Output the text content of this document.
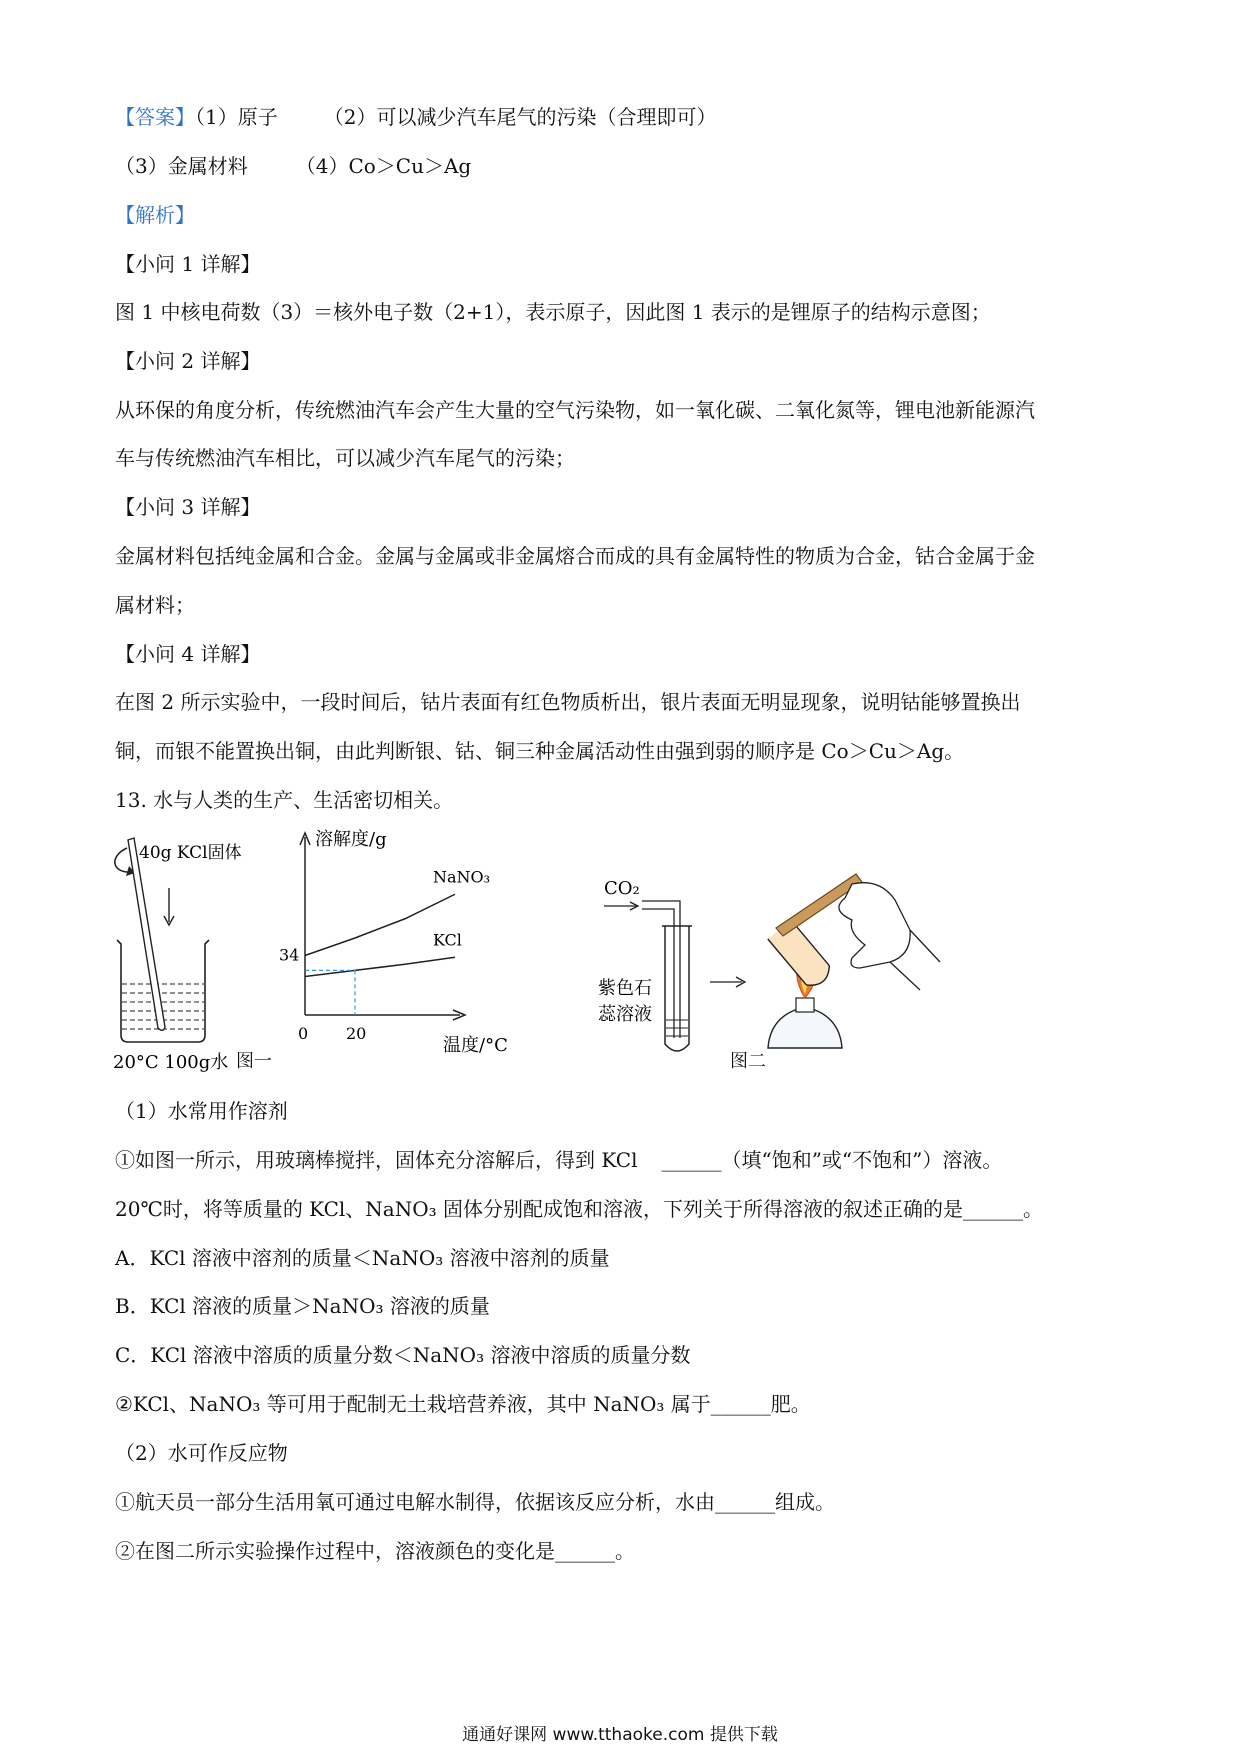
【答案】（1）原子 （2）可以减少汽车尾气的污染（合理即可）
（3）金属材料 （4）Co＞Cu＞Ag
【解析】
【小问 1 详解】
图 1 中核电荷数（3）＝核外电子数（2+1），表示原子，因此图 1 表示的是锂原子的结构示意图；
【小问 2 详解】
从环保的角度分析，传统燃油汽车会产生大量的空气污染物，如一氧化碳、二氧化氮等，锂电池新能源汽
车与传统燃油汽车相比，可以减少汽车尾气的污染；
【小问 3 详解】
金属材料包括纯金属和合金。金属与金属或非金属熔合而成的具有金属特性的物质为合金，钴合金属于金
属材料；
【小问 4 详解】
在图 2 所示实验中，一段时间后，钴片表面有红色物质析出，银片表面无明显现象，说明钴能够置换出
铜，而银不能置换出铜，由此判断银、钴、铜三种金属活动性由强到弱的顺序是 Co＞Cu＞Ag。
13. 水与人类的生产、生活密切相关。
40g KCl固体
20°C 100g水
溶解度/g
温度/°C
0 20
34
NaNO₃
KCl
图一
CO₂
紫色石
蕊溶液
图二
（1）水常用作溶剂
①如图一所示，用玻璃棒搅拌，固体充分溶解后，得到 KCl ______（填“饱和”或“不饱和”）溶液。
20℃时，将等质量的 KCl、NaNO₃ 固体分别配成饱和溶液，下列关于所得溶液的叙述正确的是______。
A．KCl 溶液中溶剂的质量＜NaNO₃ 溶液中溶剂的质量
B．KCl 溶液的质量＞NaNO₃ 溶液的质量
C．KCl 溶液中溶质的质量分数＜NaNO₃ 溶液中溶质的质量分数
②KCl、NaNO₃ 等可用于配制无土栽培营养液，其中 NaNO₃ 属于______肥。
（2）水可作反应物
①航天员一部分生活用氧可通过电解水制得，依据该反应分析，水由______组成。
②在图二所示实验操作过程中，溶液颜色的变化是______。
通通好课网 www.tthaoke.com 提供下载
